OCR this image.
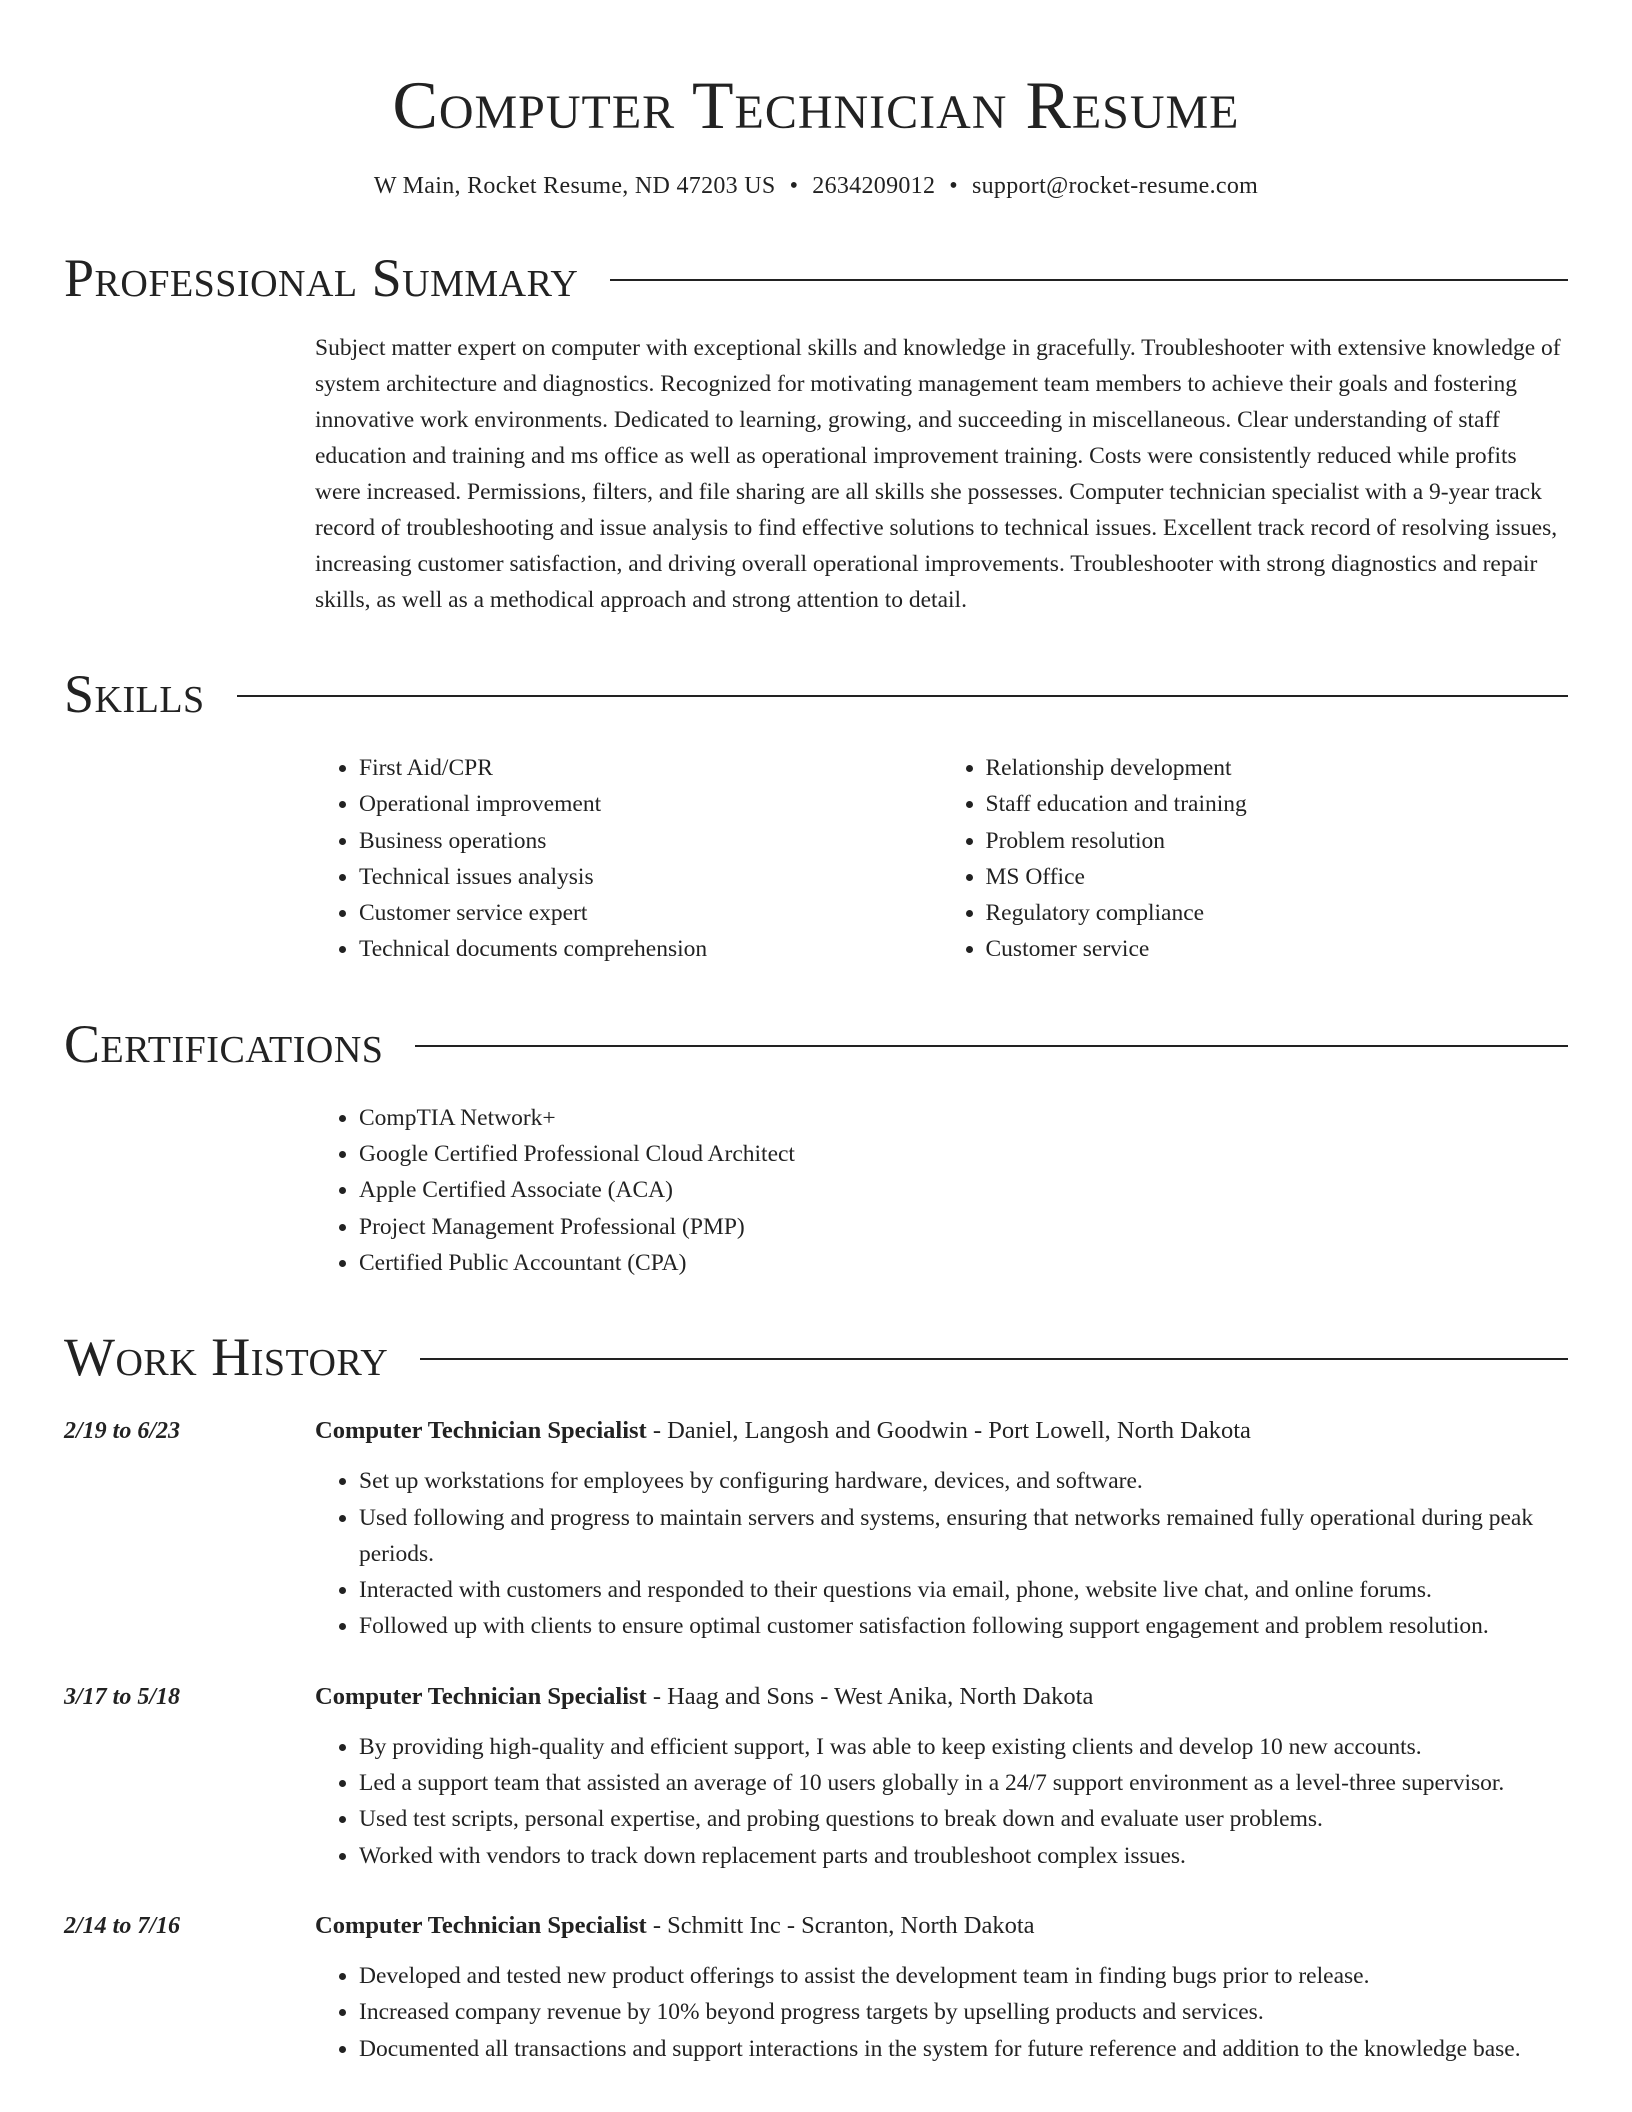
Computer Technician Resume
W Main, Rocket Resume, ND 47203 US • 2634209012 • support@rocket-resume.com
Professional Summary
Subject matter expert on computer with exceptional skills and knowledge in gracefully. Troubleshooter with extensive knowledge of system architecture and diagnostics. Recognized for motivating management team members to achieve their goals and fostering innovative work environments. Dedicated to learning, growing, and succeeding in miscellaneous. Clear understanding of staff education and training and ms office as well as operational improvement training. Costs were consistently reduced while profits were increased. Permissions, filters, and file sharing are all skills she possesses. Computer technician specialist with a 9-year track record of troubleshooting and issue analysis to find effective solutions to technical issues. Excellent track record of resolving issues, increasing customer satisfaction, and driving overall operational improvements. Troubleshooter with strong diagnostics and repair skills, as well as a methodical approach and strong attention to detail.
Skills
• First Aid/CPR
• Operational improvement
• Business operations
• Technical issues analysis
• Customer service expert
• Technical documents comprehension
• Relationship development
• Staff education and training
• Problem resolution
• MS Office
• Regulatory compliance
• Customer service
Certifications
• CompTIA Network+
• Google Certified Professional Cloud Architect
• Apple Certified Associate (ACA)
• Project Management Professional (PMP)
• Certified Public Accountant (CPA)
Work History
2/19 to 6/23	Computer Technician Specialist - Daniel, Langosh and Goodwin - Port Lowell, North Dakota
• Set up workstations for employees by configuring hardware, devices, and software.
• Used following and progress to maintain servers and systems, ensuring that networks remained fully operational during peak periods.
• Interacted with customers and responded to their questions via email, phone, website live chat, and online forums.
• Followed up with clients to ensure optimal customer satisfaction following support engagement and problem resolution.
3/17 to 5/18	Computer Technician Specialist - Haag and Sons - West Anika, North Dakota
• By providing high-quality and efficient support, I was able to keep existing clients and develop 10 new accounts.
• Led a support team that assisted an average of 10 users globally in a 24/7 support environment as a level-three supervisor.
• Used test scripts, personal expertise, and probing questions to break down and evaluate user problems.
• Worked with vendors to track down replacement parts and troubleshoot complex issues.
2/14 to 7/16	Computer Technician Specialist - Schmitt Inc - Scranton, North Dakota
• Developed and tested new product offerings to assist the development team in finding bugs prior to release.
• Increased company revenue by 10% beyond progress targets by upselling products and services.
• Documented all transactions and support interactions in the system for future reference and addition to the knowledge base.
